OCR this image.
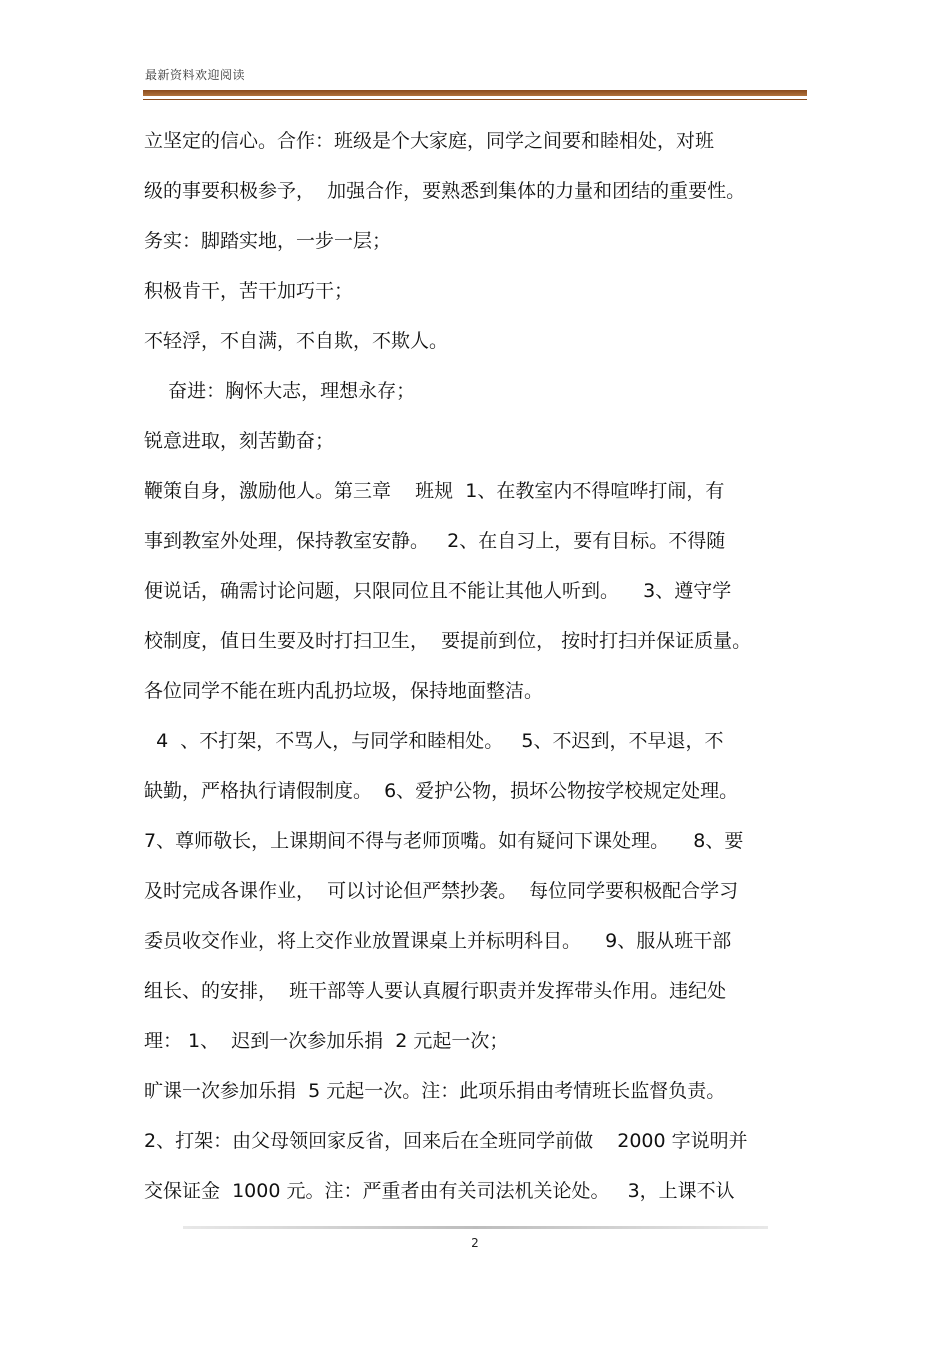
最新资料欢迎阅读
立坚定的信心。合作：班级是个大家庭，同学之间要和睦相处，对班
级的事要积极参予，  加强合作，要熟悉到集体的力量和团结的重要性。
务实：脚踏实地，一步一层；
积极肯干，苦干加巧干；
不轻浮，不自满，不自欺，不欺人。
奋进：胸怀大志，理想永存；
锐意进取，刻苦勤奋；
鞭策自身，激励他人。第三章    班规  1、在教室内不得喧哗打闹，有
事到教室外处理，保持教室安静。   2、在自习上，要有目标。不得随
便说话，确需讨论问题，只限同位且不能让其他人听到。    3、遵守学
校制度，值日生要及时打扫卫生，  要提前到位， 按时打扫并保证质量。
各位同学不能在班内乱扔垃圾，保持地面整洁。
4  、不打架，不骂人，与同学和睦相处。   5、不迟到，不早退，不
缺勤，严格执行请假制度。  6、爱护公物，损坏公物按学校规定处理。
7、尊师敬长，上课期间不得与老师顶嘴。如有疑问下课处理。    8、要
及时完成各课作业，  可以讨论但严禁抄袭。  每位同学要积极配合学习
委员收交作业，将上交作业放置课桌上并标明科目。    9、服从班干部
组长、的安排，  班干部等人要认真履行职责并发挥带头作用。违纪处
理： 1、  迟到一次参加乐捐  2 元起一次；
旷课一次参加乐捐  5 元起一次。注：此项乐捐由考情班长监督负责。
2、打架：由父母领回家反省，回来后在全班同学前做    2000 字说明并
交保证金  1000 元。注：严重者由有关司法机关论处。   3，上课不认
2
